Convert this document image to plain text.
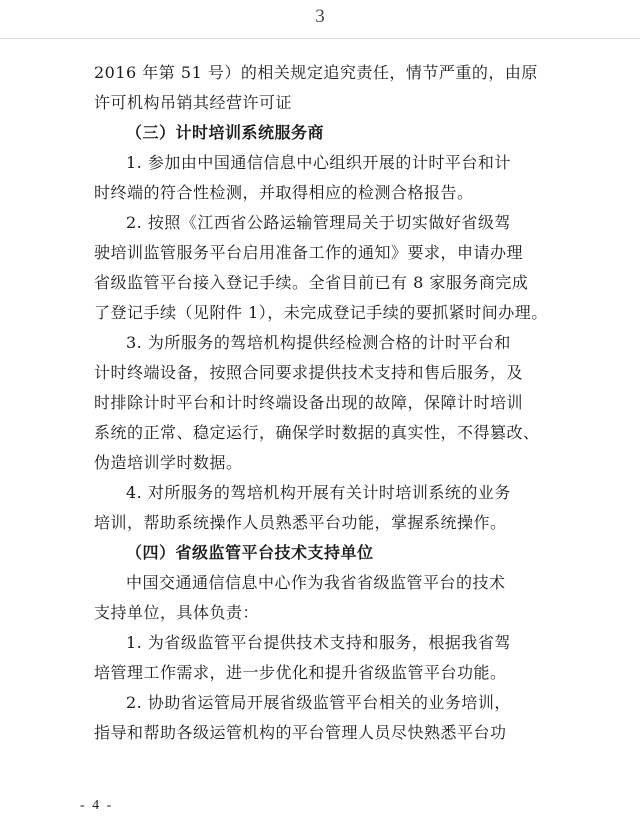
3
2016 年第 51 号）的相关规定追究责任，情节严重的，由原
许可机构吊销其经营许可证
（三）计时培训系统服务商
1. 参加由中国通信信息中心组织开展的计时平台和计
时终端的符合性检测，并取得相应的检测合格报告。
2. 按照《江西省公路运输管理局关于切实做好省级驾
驶培训监管服务平台启用准备工作的通知》要求，申请办理
省级监管平台接入登记手续。全省目前已有 8 家服务商完成
了登记手续（见附件 1），未完成登记手续的要抓紧时间办理。
3. 为所服务的驾培机构提供经检测合格的计时平台和
计时终端设备，按照合同要求提供技术支持和售后服务，及
时排除计时平台和计时终端设备出现的故障，保障计时培训
系统的正常、稳定运行，确保学时数据的真实性，不得篡改、
伪造培训学时数据。
4. 对所服务的驾培机构开展有关计时培训系统的业务
培训，帮助系统操作人员熟悉平台功能，掌握系统操作。
（四）省级监管平台技术支持单位
中国交通通信信息中心作为我省省级监管平台的技术
支持单位，具体负责：
1. 为省级监管平台提供技术支持和服务，根据我省驾
培管理工作需求，进一步优化和提升省级监管平台功能。
2. 协助省运管局开展省级监管平台相关的业务培训，
指导和帮助各级运管机构的平台管理人员尽快熟悉平台功
- 4 -
